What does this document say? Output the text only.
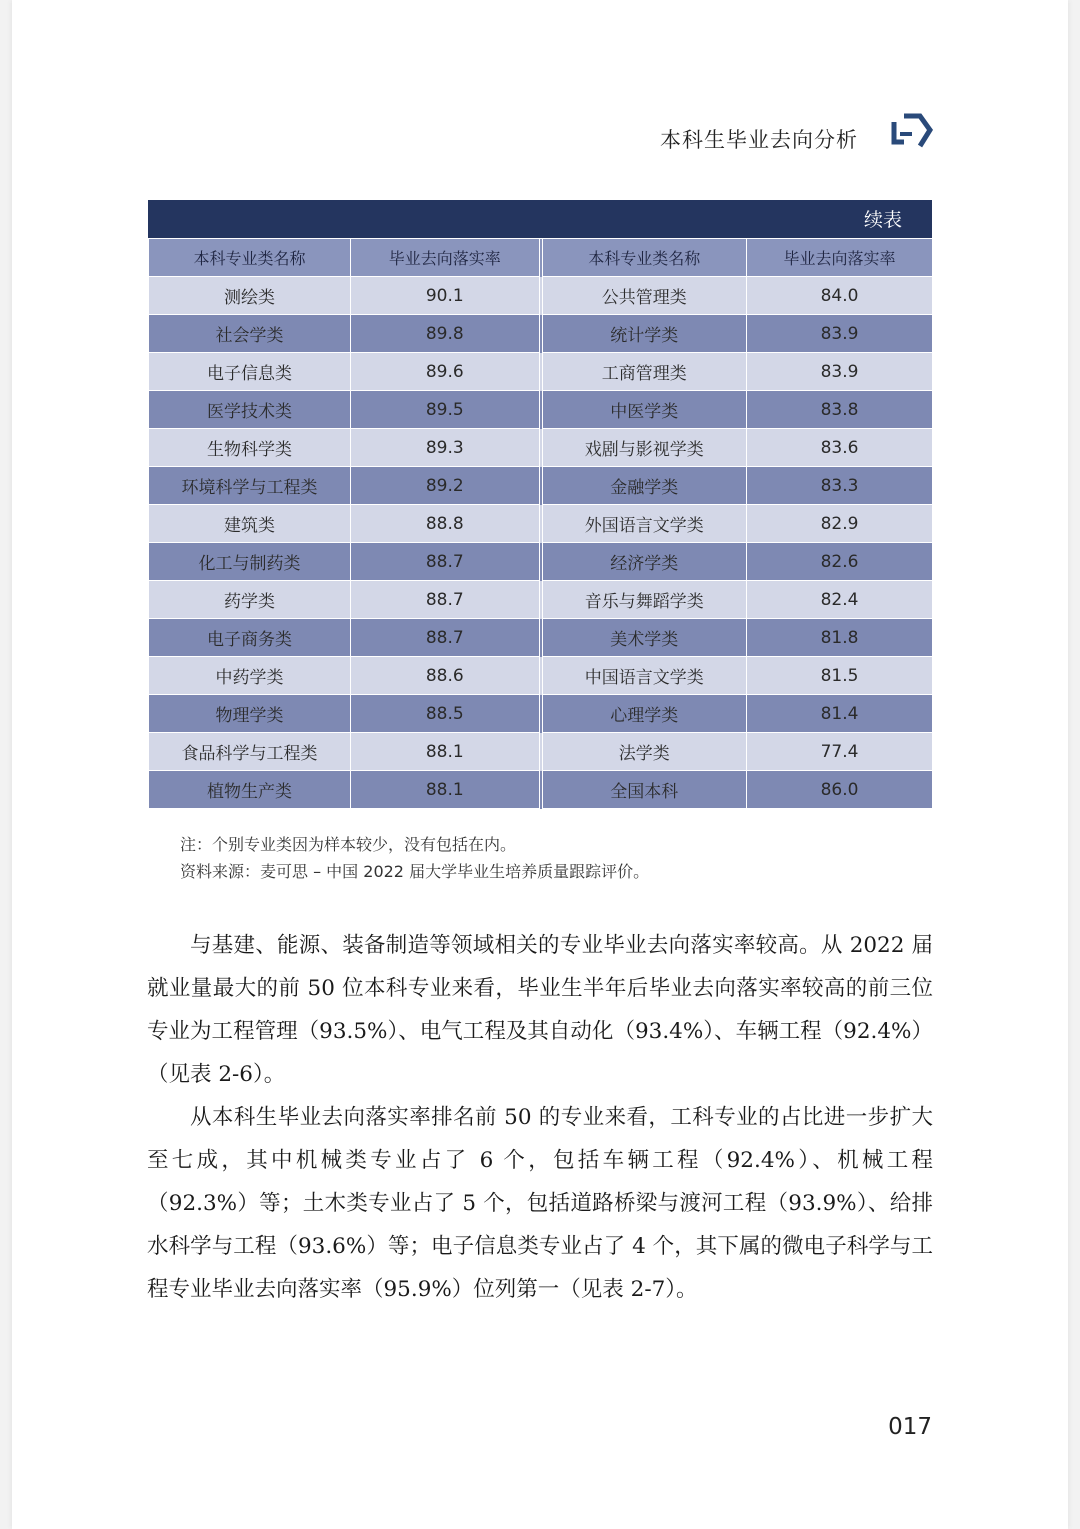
本科生毕业去向分析
续表
本科专业类名称	毕业去向落实率	本科专业类名称	毕业去向落实率
测绘类	90.1	公共管理类	84.0
社会学类	89.8	统计学类	83.9
电子信息类	89.6	工商管理类	83.9
医学技术类	89.5	中医学类	83.8
生物科学类	89.3	戏剧与影视学类	83.6
环境科学与工程类	89.2	金融学类	83.3
建筑类	88.8	外国语言文学类	82.9
化工与制药类	88.7	经济学类	82.6
药学类	88.7	音乐与舞蹈学类	82.4
电子商务类	88.7	美术学类	81.8
中药学类	88.6	中国语言文学类	81.5
物理学类	88.5	心理学类	81.4
食品科学与工程类	88.1	法学类	77.4
植物生产类	88.1	全国本科	86.0
注：个别专业类因为样本较少，没有包括在内。
资料来源：麦可思 – 中国 2022 届大学毕业生培养质量跟踪评价。

与基建、能源、装备制造等领域相关的专业毕业去向落实率较高。从 2022 届就业量最大的前 50 位本科专业来看，毕业生半年后毕业去向落实率较高的前三位专业为工程管理（93.5%）、电气工程及其自动化（93.4%）、车辆工程（92.4%）（见表 2-6）。

从本科生毕业去向落实率排名前 50 的专业来看，工科专业的占比进一步扩大至七成，其中机械类专业占了 6 个，包括车辆工程（92.4%）、机械工程（92.3%）等；土木类专业占了 5 个，包括道路桥梁与渡河工程（93.9%）、给排水科学与工程（93.6%）等；电子信息类专业占了 4 个，其下属的微电子科学与工程专业毕业去向落实率（95.9%）位列第一（见表 2-7）。

017
